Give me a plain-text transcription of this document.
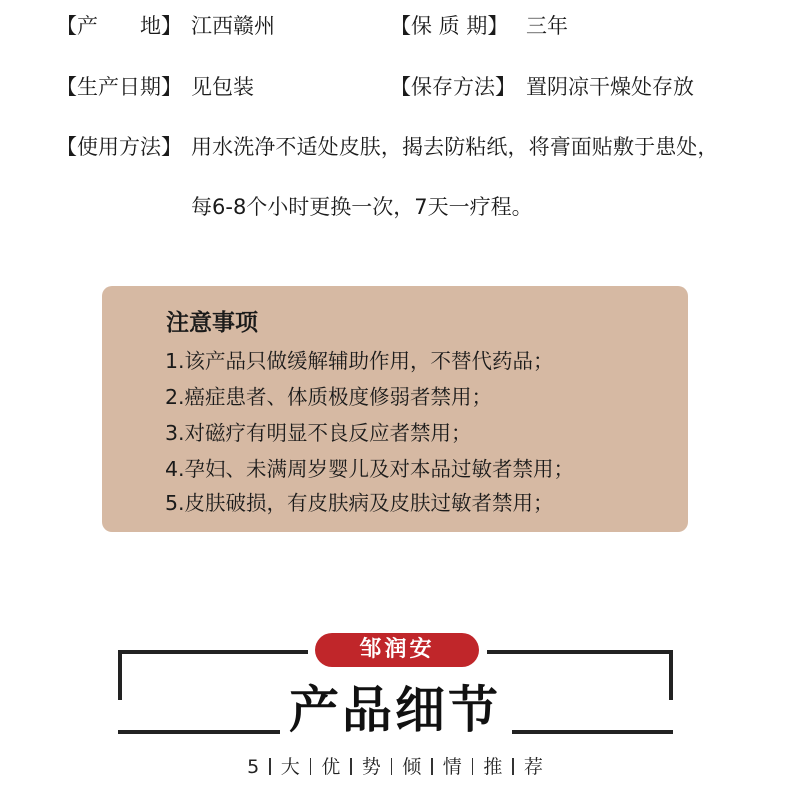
【产　　地】 江西赣州	【保 质 期】 三年
【生产日期】 见包装	【保存方法】 置阴凉干燥处存放
【使用方法】 用水洗净不适处皮肤，揭去防粘纸，将膏面贴敷于患处，
每6-8个小时更换一次，7天一疗程。
注意事项
1.该产品只做缓解辅助作用，不替代药品；
2.癌症患者、体质极度修弱者禁用；
3.对磁疗有明显不良反应者禁用；
4.孕妇、未满周岁婴儿及对本品过敏者禁用；
5.皮肤破损，有皮肤病及皮肤过敏者禁用；
邹润安
产品细节
5 大 优 势 倾 情 推 荐
